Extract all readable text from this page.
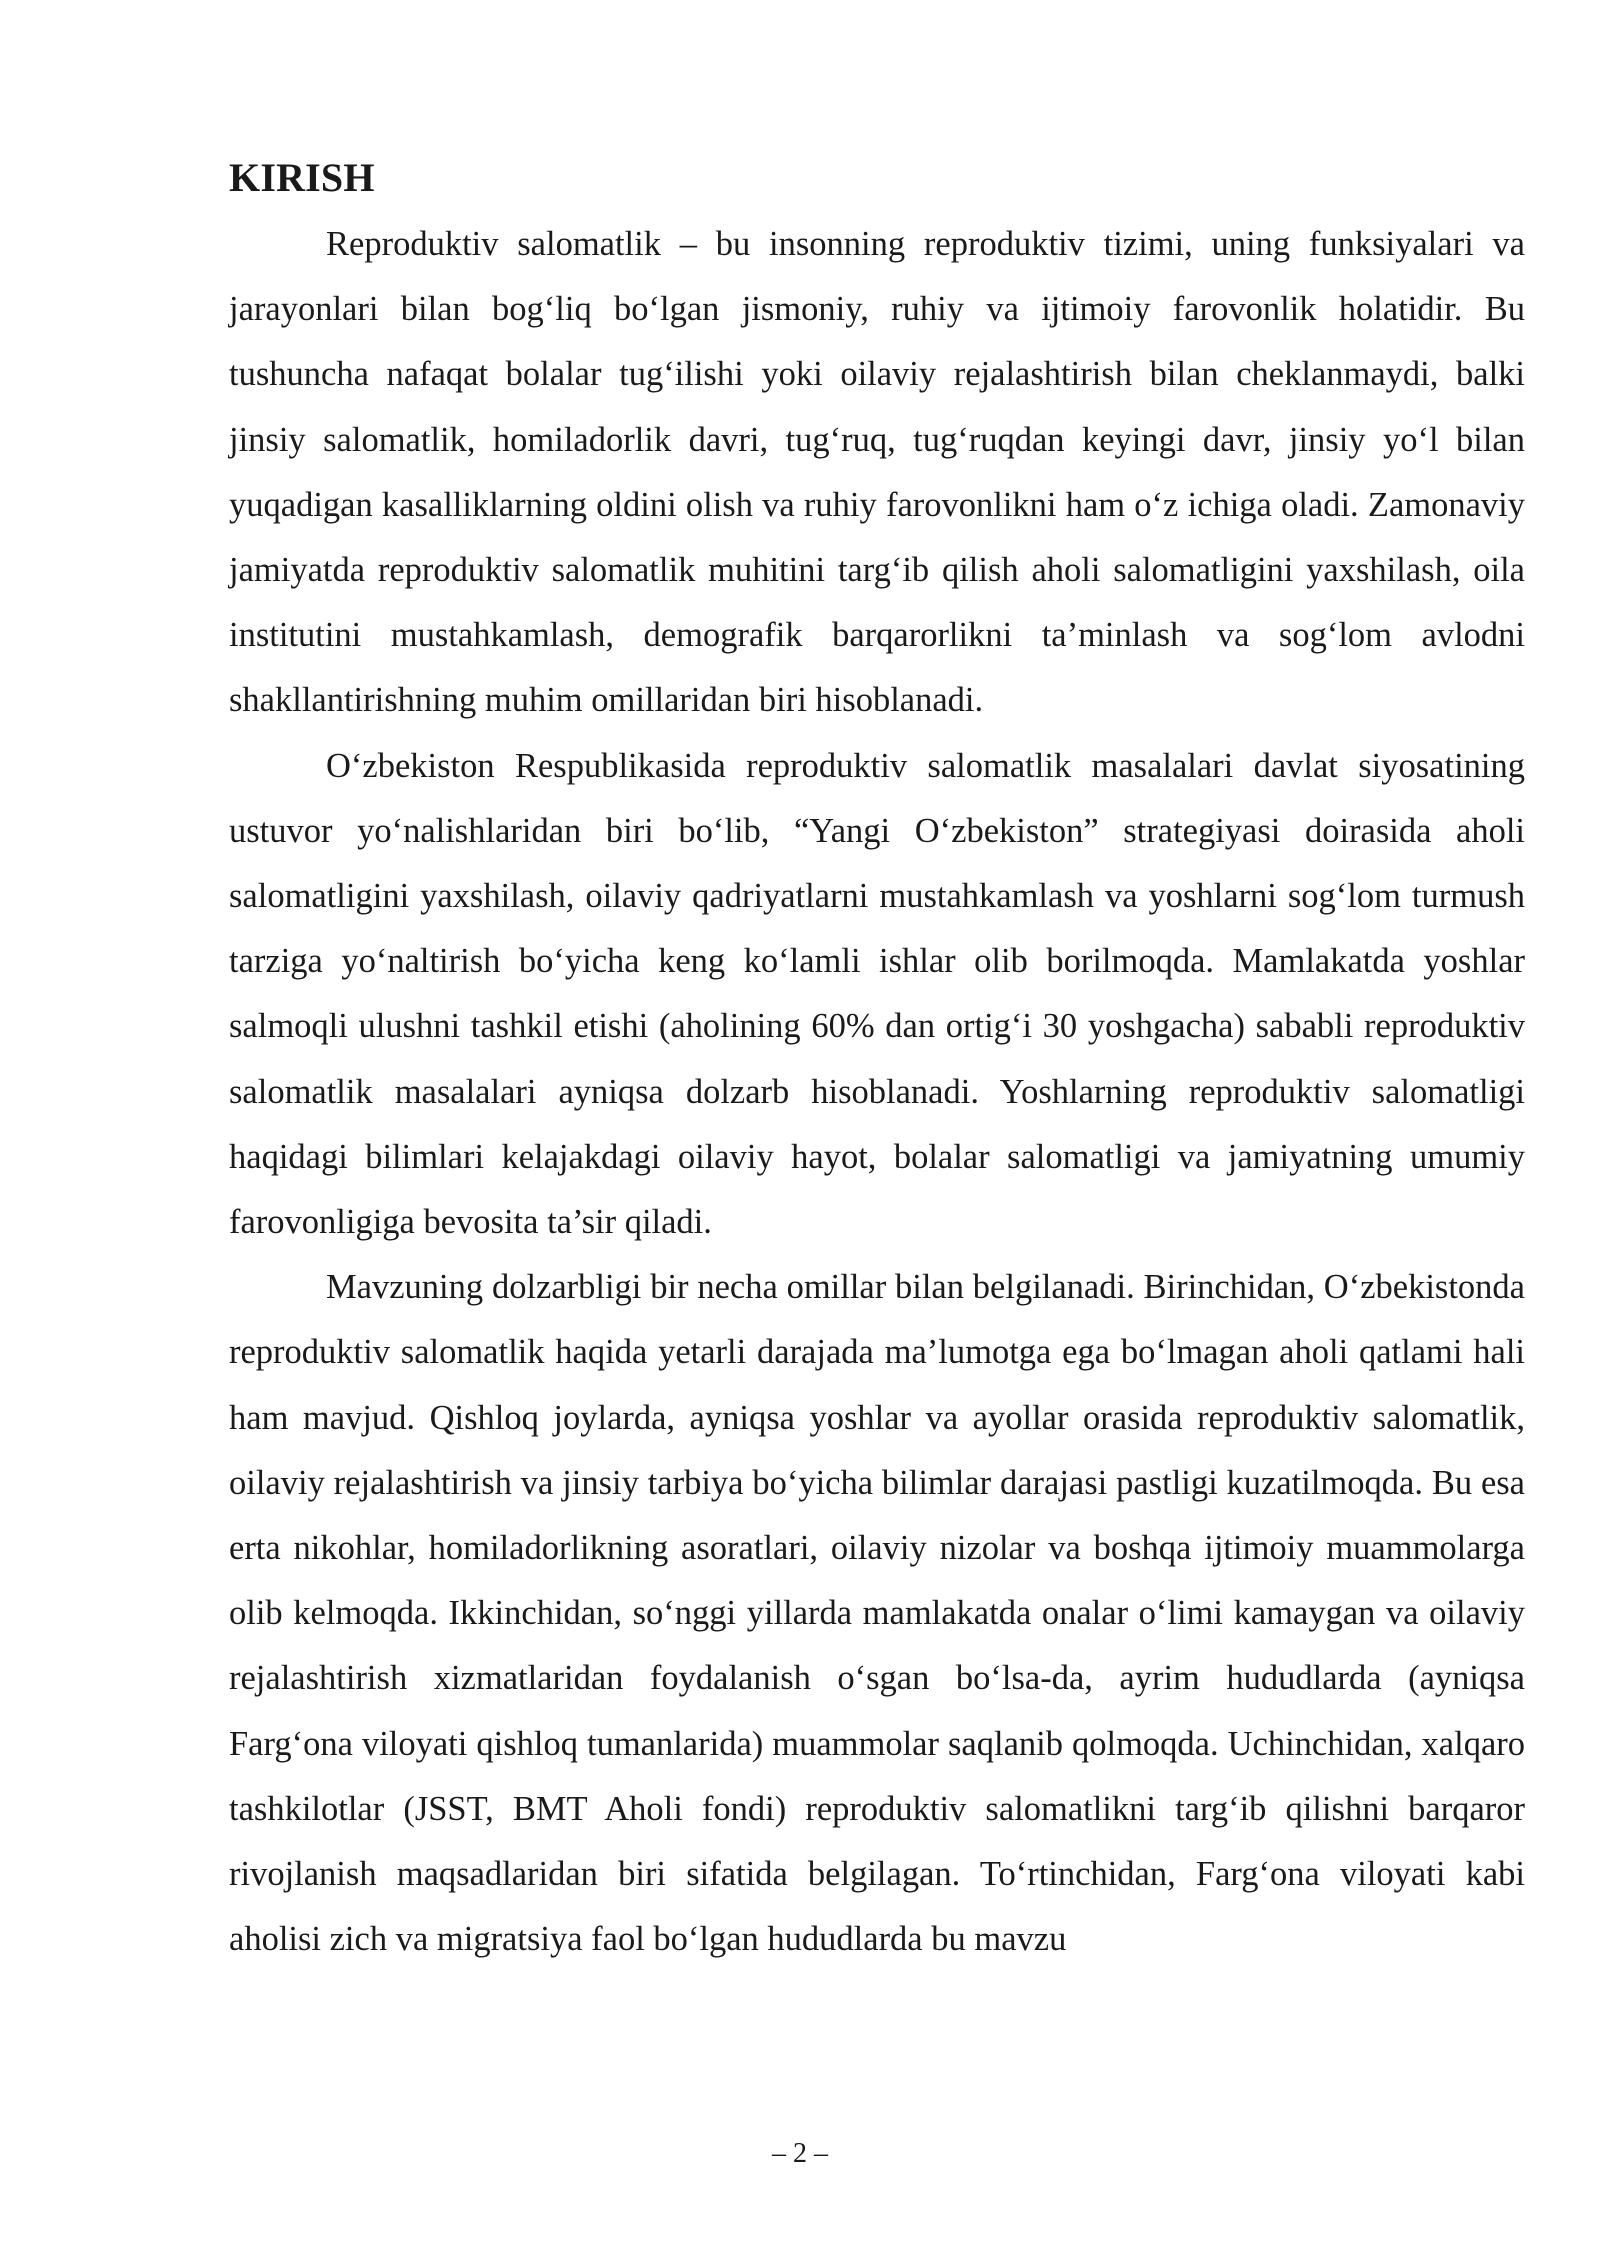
KIRISH

Reproduktiv salomatlik – bu insonning reproduktiv tizimi, uning funksiyalari va jarayonlari bilan bog‘liq bo‘lgan jismoniy, ruhiy va ijtimoiy farovonlik holatidir. Bu tushuncha nafaqat bolalar tug‘ilishi yoki oilaviy rejalashtirish bilan cheklanmaydi, balki jinsiy salomatlik, homiladorlik davri, tug‘ruq, tug‘ruqdan keyingi davr, jinsiy yo‘l bilan yuqadigan kasalliklarning oldini olish va ruhiy farovonlikni ham o‘z ichiga oladi. Zamonaviy jamiyatda reproduktiv salomatlik muhitini targ‘ib qilish aholi salomatligini yaxshilash, oila institutini mustahkamlash, demografik barqarorlikni ta’minlash va sog‘lom avlodni shakllantirishning muhim omillaridan biri hisoblanadi.

O‘zbekiston Respublikasida reproduktiv salomatlik masalalari davlat siyosatining ustuvor yo‘nalishlaridan biri bo‘lib, “Yangi O‘zbekiston” strategiyasi doirasida aholi salomatligini yaxshilash, oilaviy qadriyatlarni mustahkamlash va yoshlarni sog‘lom turmush tarziga yo‘naltirish bo‘yicha keng ko‘lamli ishlar olib borilmoqda. Mamlakatda yoshlar salmoqli ulushni tashkil etishi (aholining 60% dan ortig‘i 30 yoshgacha) sababli reproduktiv salomatlik masalalari ayniqsa dolzarb hisoblanadi. Yoshlarning reproduktiv salomatligi haqidagi bilimlari kelajakdagi oilaviy hayot, bolalar salomatligi va jamiyatning umumiy farovonligiga bevosita ta’sir qiladi.

Mavzuning dolzarbligi bir necha omillar bilan belgilanadi. Birinchidan, O‘zbekistonda reproduktiv salomatlik haqida yetarli darajada ma’lumotga ega bo‘lmagan aholi qatlami hali ham mavjud. Qishloq joylarda, ayniqsa yoshlar va ayollar orasida reproduktiv salomatlik, oilaviy rejalashtirish va jinsiy tarbiya bo‘yicha bilimlar darajasi pastligi kuzatilmoqda. Bu esa erta nikohlar, homiladorlikning asoratlari, oilaviy nizolar va boshqa ijtimoiy muammolarga olib kelmoqda. Ikkinchidan, so‘nggi yillarda mamlakatda onalar o‘limi kamaygan va oilaviy rejalashtirish xizmatlaridan foydalanish o‘sgan bo‘lsa-da, ayrim hududlarda (ayniqsa Farg‘ona viloyati qishloq tumanlarida) muammolar saqlanib qolmoqda. Uchinchidan, xalqaro tashkilotlar (JSST, BMT Aholi fondi) reproduktiv salomatlikni targ‘ib qilishni barqaror rivojlanish maqsadlaridan biri sifatida belgilagan. To‘rtinchidan, Farg‘ona viloyati kabi aholisi zich va migratsiya faol bo‘lgan hududlarda bu mavzu

– 2 –
